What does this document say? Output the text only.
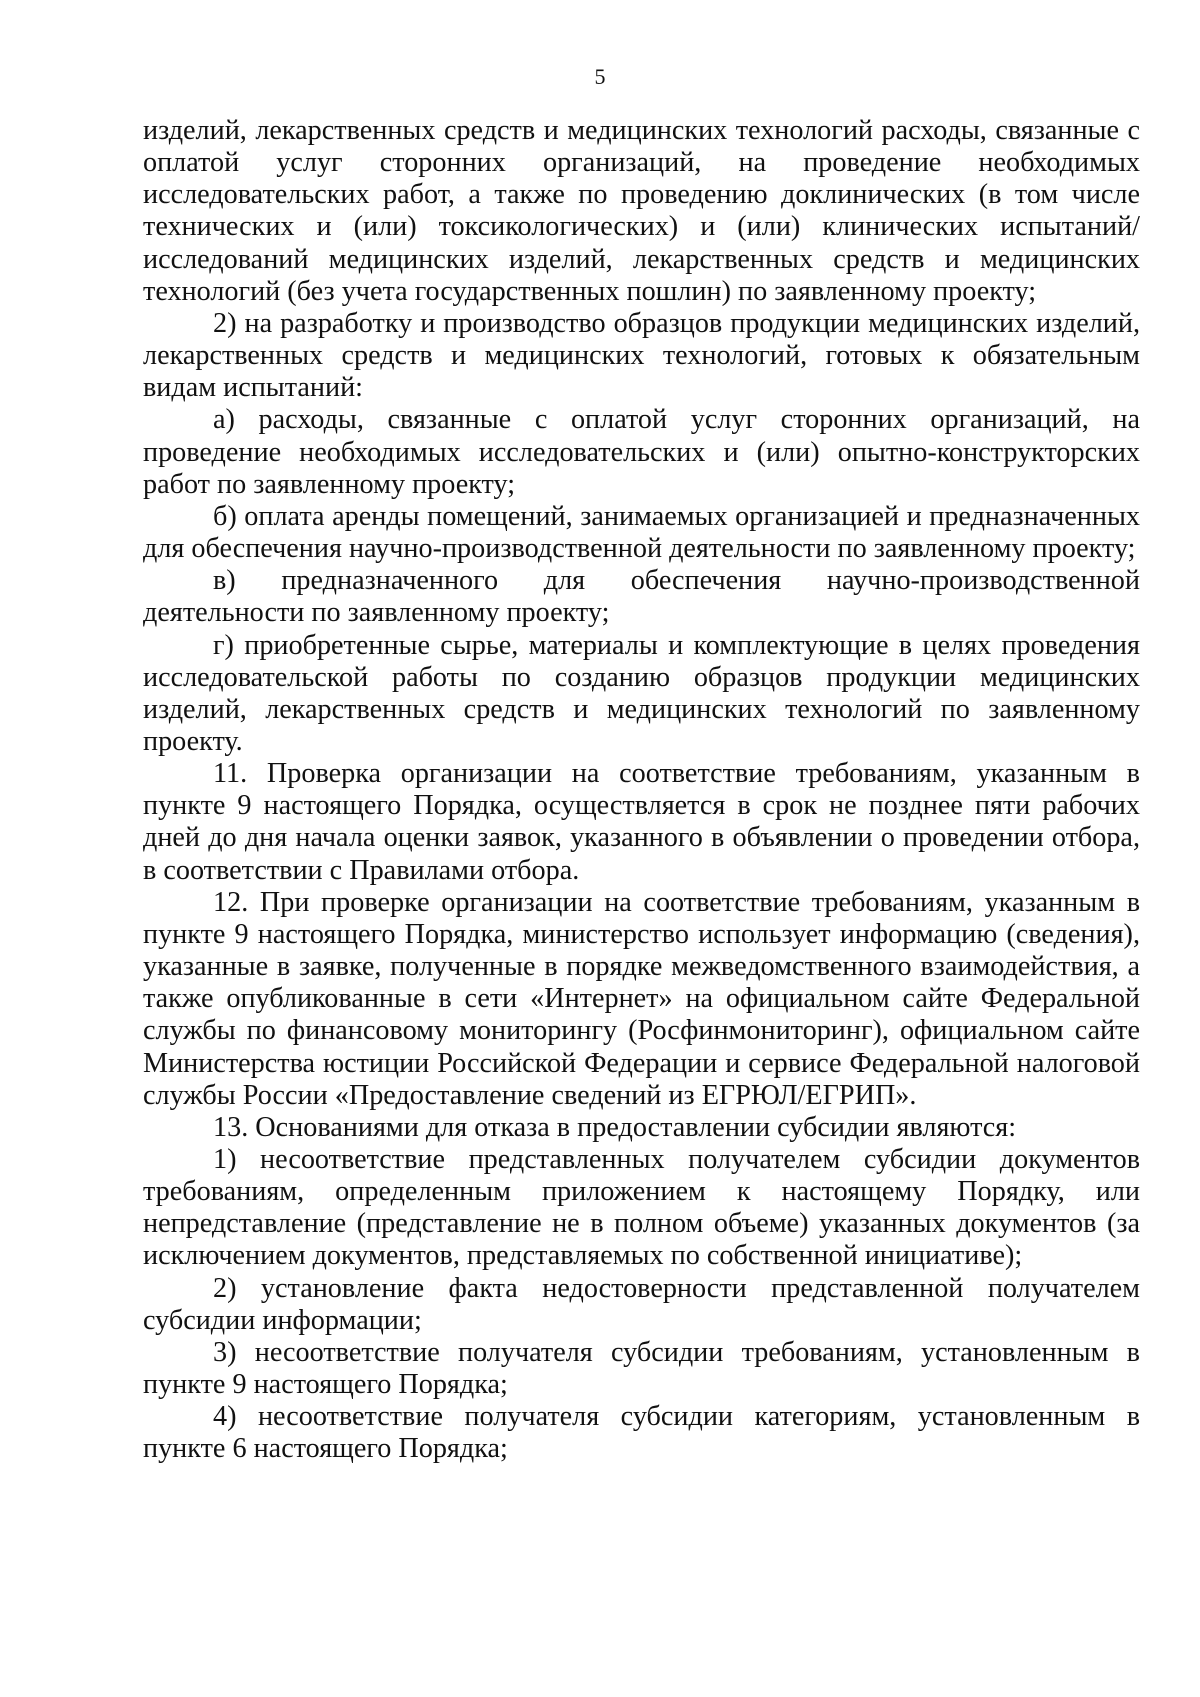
5

изделий, лекарственных средств и медицинских технологий расходы, связанные с оплатой услуг сторонних организаций, на проведение необходимых исследовательских работ, а также по проведению доклинических (в том числе технических и (или) токсикологических) и (или) клинических испытаний/исследований медицинских изделий, лекарственных средств и медицинских технологий (без учета государственных пошлин) по заявленному проекту;

2) на разработку и производство образцов продукции медицинских изделий, лекарственных средств и медицинских технологий, готовых к обязательным видам испытаний:

а) расходы, связанные с оплатой услуг сторонних организаций, на проведение необходимых исследовательских и (или) опытно-конструкторских работ по заявленному проекту;

б) оплата аренды помещений, занимаемых организацией и предназначенных для обеспечения научно-производственной деятельности по заявленному проекту;

в) предназначенного для обеспечения научно-производственной деятельности по заявленному проекту;

г) приобретенные сырье, материалы и комплектующие в целях проведения исследовательской работы по созданию образцов продукции медицинских изделий, лекарственных средств и медицинских технологий по заявленному проекту.

11. Проверка организации на соответствие требованиям, указанным в пункте 9 настоящего Порядка, осуществляется в срок не позднее пяти рабочих дней до дня начала оценки заявок, указанного в объявлении о проведении отбора, в соответствии с Правилами отбора.

12. При проверке организации на соответствие требованиям, указанным в пункте 9 настоящего Порядка, министерство использует информацию (сведения), указанные в заявке, полученные в порядке межведомственного взаимодействия, а также опубликованные в сети «Интернет» на официальном сайте Федеральной службы по финансовому мониторингу (Росфинмониторинг), официальном сайте Министерства юстиции Российской Федерации и сервисе Федеральной налоговой службы России «Предоставление сведений из ЕГРЮЛ/ЕГРИП».

13. Основаниями для отказа в предоставлении субсидии являются:

1) несоответствие представленных получателем субсидии документов требованиям, определенным приложением к настоящему Порядку, или непредставление (представление не в полном объеме) указанных документов (за исключением документов, представляемых по собственной инициативе);

2) установление факта недостоверности представленной получателем субсидии информации;

3) несоответствие получателя субсидии требованиям, установленным в пункте 9 настоящего Порядка;

4) несоответствие получателя субсидии категориям, установленным в пункте 6 настоящего Порядка;
